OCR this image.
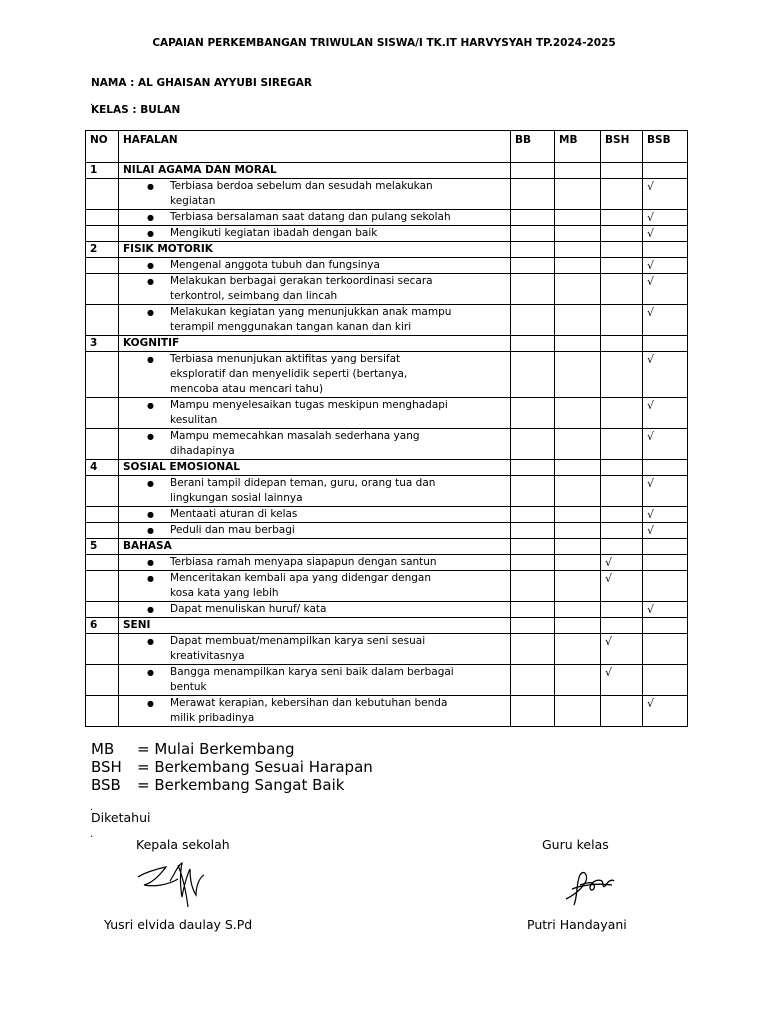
CAPAIAN PERKEMBANGAN TRIWULAN SISWA/I TK.IT HARVYSYAH TP.2024-2025
NAMA : AL GHAISAN AYYUBI SIREGAR
.
KELAS : BULAN
NO	HAFALAN	BB	MB	BSH	BSB
1	NILAI AGAMA DAN MORAL				

	● Terbiasa berdoa sebelum dan sesudah melakukan
kegiatan				√

	● Terbiasa bersalaman saat datang dan pulang sekolah				√

	● Mengikuti kegiatan ibadah dengan baik				√
2	FISIK MOTORIK				

	● Mengenal anggota tubuh dan fungsinya				√

	● Melakukan berbagai gerakan terkoordinasi secara
terkontrol, seimbang dan lincah				√

	● Melakukan kegiatan yang menunjukkan anak mampu
terampil menggunakan tangan kanan dan kiri				√
3	KOGNITIF				

	● Terbiasa menunjukan aktifitas yang bersifat
eksploratif dan menyelidik seperti (bertanya,
mencoba atau mencari tahu)				√

	● Mampu menyelesaikan tugas meskipun menghadapi
kesulitan				√

	● Mampu memecahkan masalah sederhana yang
dihadapinya				√
4	SOSIAL EMOSIONAL				

	● Berani tampil didepan teman, guru, orang tua dan
lingkungan sosial lainnya				√

	● Mentaati aturan di kelas				√

	● Peduli dan mau berbagi				√
5	BAHASA				

	● Terbiasa ramah menyapa siapapun dengan santun			√	

	● Menceritakan kembali apa yang didengar dengan
kosa kata yang lebih			√	

	● Dapat menuliskan huruf/ kata				√
6	SENI				

	● Dapat membuat/menampilkan karya seni sesuai
kreativitasnya			√	

	● Bangga menampilkan karya seni baik dalam berbagai
bentuk			√	

	● Merawat kerapian, kebersihan dan kebutuhan benda
milik pribadinya				√
MB	= Mulai Berkembang
BSH	= Berkembang Sesuai Harapan
BSB	= Berkembang Sangat Baik
.
Diketahui
.
Kepala sekolah	Guru kelas
Yusri elvida daulay S.Pd	Putri Handayani
